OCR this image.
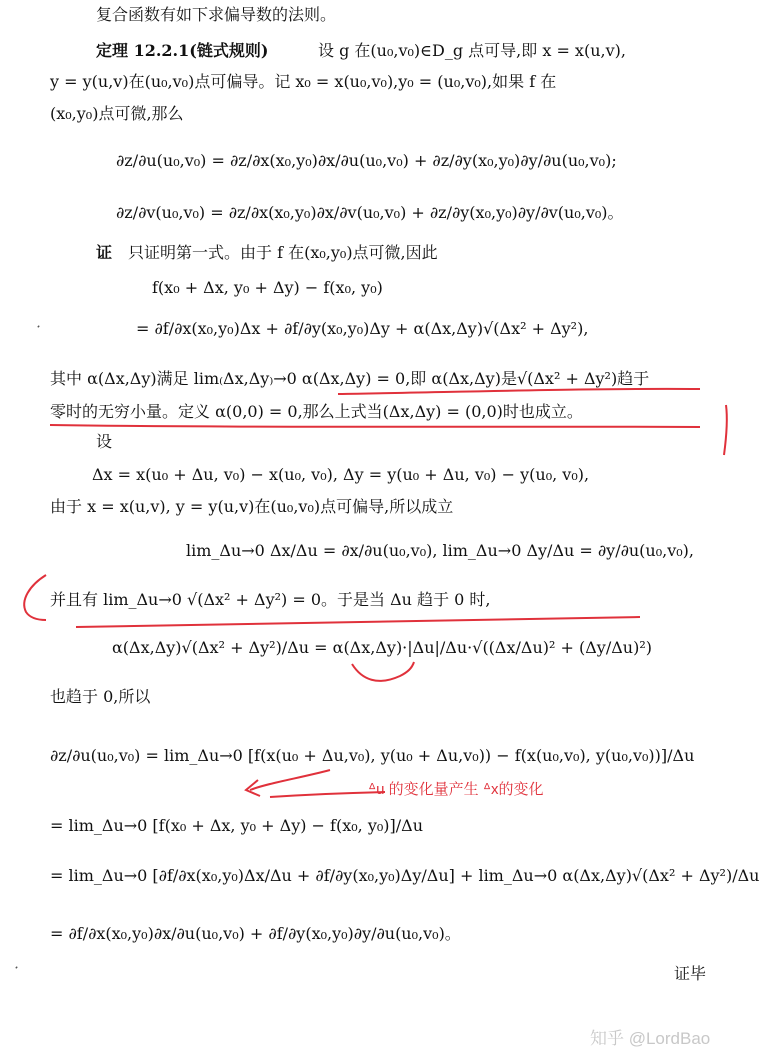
复合函数有如下求偏导数的法则。
定理 12.2.1(链式规则)	设 g 在(u₀,v₀)∈D_g 点可导,即 x = x(u,v),
y = y(u,v)在(u₀,v₀)点可偏导。记 x₀ = x(u₀,v₀),y₀ = (u₀,v₀),如果 f 在
(x₀,y₀)点可微,那么
∂z/∂u(u₀,v₀) = ∂z/∂x(x₀,y₀)∂x/∂u(u₀,v₀) + ∂z/∂y(x₀,y₀)∂y/∂u(u₀,v₀);
∂z/∂v(u₀,v₀) = ∂z/∂x(x₀,y₀)∂x/∂v(u₀,v₀) + ∂z/∂y(x₀,y₀)∂y/∂v(u₀,v₀)。
证 只证明第一式。由于 f 在(x₀,y₀)点可微,因此
f(x₀ + Δx, y₀ + Δy) − f(x₀, y₀)
= ∂f/∂x(x₀,y₀)Δx + ∂f/∂y(x₀,y₀)Δy + α(Δx,Δy)√(Δx² + Δy²),
其中 α(Δx,Δy)满足 lim₍Δx,Δy₎→0 α(Δx,Δy) = 0,即 α(Δx,Δy)是√(Δx² + Δy²)趋于
零时的无穷小量。定义 α(0,0) = 0,那么上式当(Δx,Δy) = (0,0)时也成立。
设
Δx = x(u₀ + Δu, v₀) − x(u₀, v₀), Δy = y(u₀ + Δu, v₀) − y(u₀, v₀),
由于 x = x(u,v), y = y(u,v)在(u₀,v₀)点可偏导,所以成立
lim_Δu→0 Δx/Δu = ∂x/∂u(u₀,v₀), lim_Δu→0 Δy/Δu = ∂y/∂u(u₀,v₀),
并且有 lim_Δu→0 √(Δx² + Δy²) = 0。于是当 Δu 趋于 0 时,
α(Δx,Δy)√(Δx² + Δy²)/Δu = α(Δx,Δy)·|Δu|/Δu·√((Δx/Δu)² + (Δy/Δu)²)
也趋于 0,所以
∂z/∂u(u₀,v₀) = lim_Δu→0 [f(x(u₀ + Δu,v₀), y(u₀ + Δu,v₀)) − f(x(u₀,v₀), y(u₀,v₀))]/Δu
= lim_Δu→0 [f(x₀ + Δx, y₀ + Δy) − f(x₀, y₀)]/Δu
= lim_Δu→0 [∂f/∂x(x₀,y₀)Δx/Δu + ∂f/∂y(x₀,y₀)Δy/Δu] + lim_Δu→0 α(Δx,Δy)√(Δx² + Δy²)/Δu
= ∂f/∂x(x₀,y₀)∂x/∂u(u₀,v₀) + ∂f/∂y(x₀,y₀)∂y/∂u(u₀,v₀)。
证毕
ᐞu 的变化量产生 ᐞx的变化
知乎 @LordBao
